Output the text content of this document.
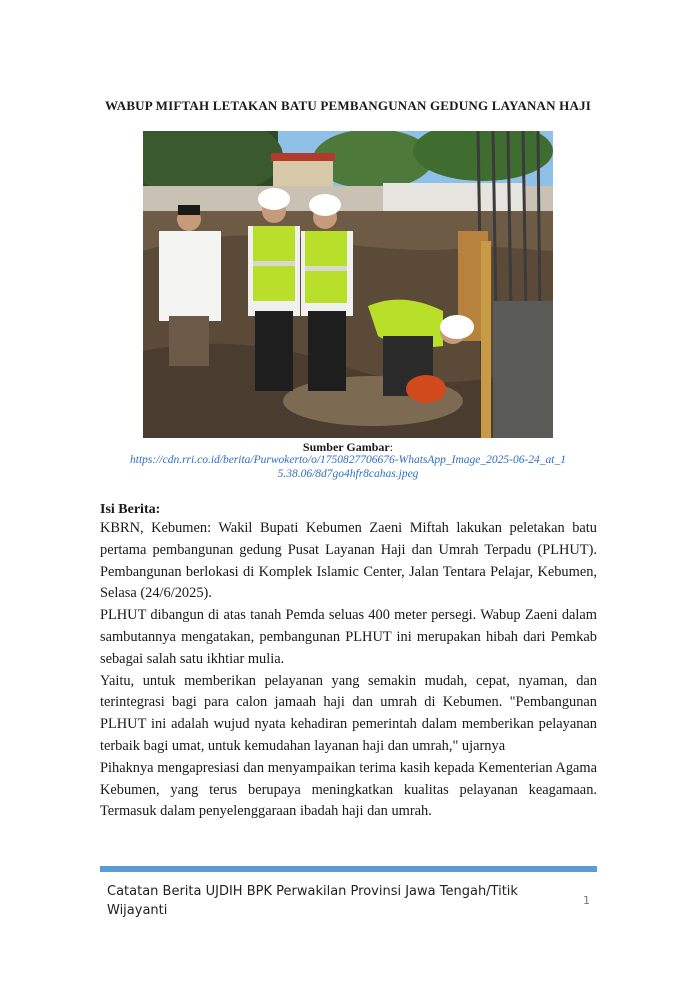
WABUP MIFTAH LETAKAN BATU PEMBANGUNAN GEDUNG LAYANAN HAJI
Sumber Gambar:
https://cdn.rri.co.id/berita/Purwokerto/o/1750827706676-WhatsApp_Image_2025-06-24_at_15.38.06/8d7go4hfr8cahas.jpeg
Isi Berita:

KBRN, Kebumen: Wakil Bupati Kebumen Zaeni Miftah lakukan peletakan batu pertama pembangunan gedung Pusat Layanan Haji dan Umrah Terpadu (PLHUT). Pembangunan berlokasi di Komplek Islamic Center, Jalan Tentara Pelajar, Kebumen, Selasa (24/6/2025).

PLHUT dibangun di atas tanah Pemda seluas 400 meter persegi. Wabup Zaeni dalam sambutannya mengatakan, pembangunan PLHUT ini merupakan hibah dari Pemkab sebagai salah satu ikhtiar mulia.

Yaitu, untuk memberikan pelayanan yang semakin mudah, cepat, nyaman, dan terintegrasi bagi para calon jamaah haji dan umrah di Kebumen. "Pembangunan PLHUT ini adalah wujud nyata kehadiran pemerintah dalam memberikan pelayanan terbaik bagi umat, untuk kemudahan layanan haji dan umrah," ujarnya

Pihaknya mengapresiasi dan menyampaikan terima kasih kepada Kementerian Agama Kebumen, yang terus berupaya meningkatkan kualitas pelayanan keagamaan. Termasuk dalam penyelenggaraan ibadah haji dan umrah.

Catatan Berita UJDIH BPK Perwakilan Provinsi Jawa Tengah/Titik Wijayanti
1
